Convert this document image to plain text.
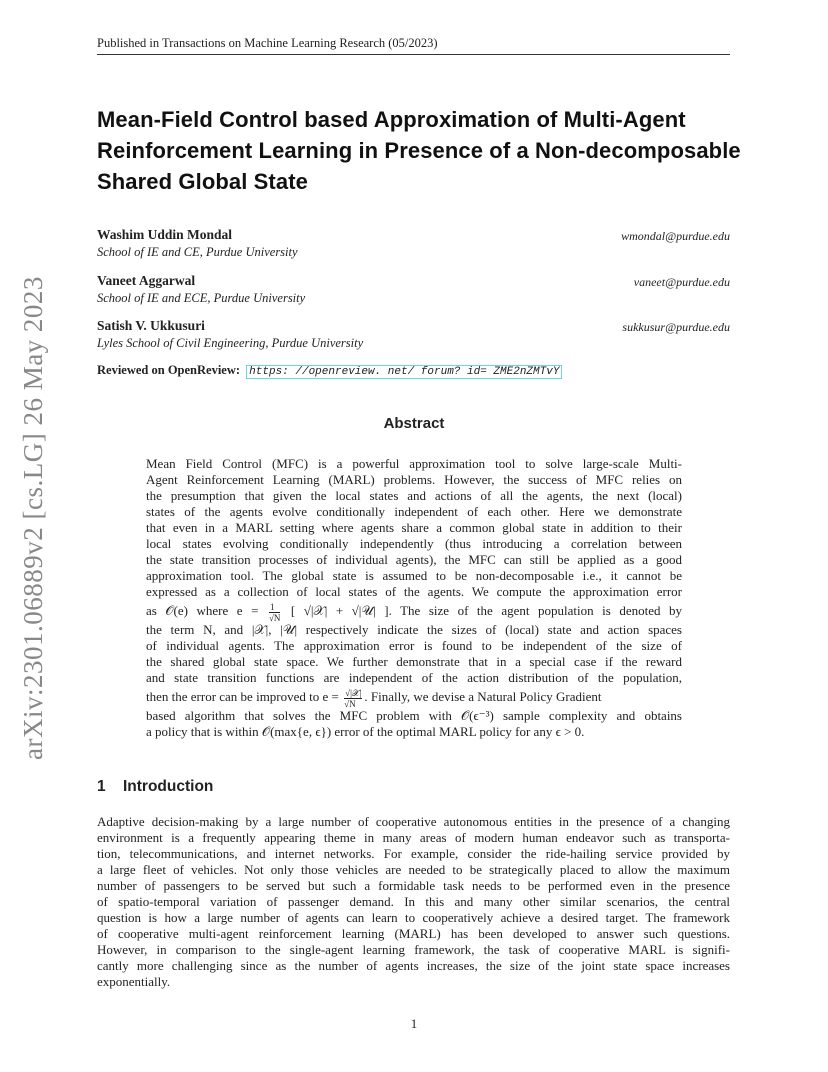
Published in Transactions on Machine Learning Research (05/2023)
Mean-Field Control based Approximation of Multi-Agent
Reinforcement Learning in Presence of a Non-decomposable
Shared Global State
Washim Uddin Mondal
School of IE and CE, Purdue University
wmondal@purdue.edu
Vaneet Aggarwal
School of IE and ECE, Purdue University
vaneet@purdue.edu
Satish V. Ukkusuri
Lyles School of Civil Engineering, Purdue University
sukkusur@purdue.edu
Reviewed on OpenReview: https: //openreview. net/ forum? id= ZME2nZMTvY
Abstract
Mean Field Control (MFC) is a powerful approximation tool to solve large-scale Multi-
Agent Reinforcement Learning (MARL) problems. However, the success of MFC relies on
the presumption that given the local states and actions of all the agents, the next (local)
states of the agents evolve conditionally independent of each other. Here we demonstrate
that even in a MARL setting where agents share a common global state in addition to their
local states evolving conditionally independently (thus introducing a correlation between
the state transition processes of individual agents), the MFC can still be applied as a good
approximation tool. The global state is assumed to be non-decomposable i.e., it cannot be
expressed as a collection of local states of the agents. We compute the approximation error
as 𝒪(e) where $e = \frac{1}{√N}$ [ √|𝒳| + √|𝒰| ]. The size of the agent population is denoted by
the term N, and |𝒳|, |𝒰| respectively indicate the sizes of (local) state and action spaces
of individual agents. The approximation error is found to be independent of the size of
the shared global state space. We further demonstrate that in a special case if the reward
and state transition functions are independent of the action distribution of the population,
then the error can be improved to $e = \frac{\text{√|𝒳|}}{√N}$ . Finally, we devise a Natural Policy Gradient
based algorithm that solves the MFC problem with 𝒪(ϵ⁻³) sample complexity and obtains
a policy that is within 𝒪(max{e, ϵ}) error of the optimal MARL policy for any ϵ > 0.
arXiv:2301.06889v2 [cs.LG] 26 May 2023
1 Introduction
Adaptive decision-making by a large number of cooperative autonomous entities in the presence of a changing
environment is a frequently appearing theme in many areas of modern human endeavor such as transporta-
tion, telecommunications, and internet networks. For example, consider the ride-hailing service provided by
a large fleet of vehicles. Not only those vehicles are needed to be strategically placed to allow the maximum
number of passengers to be served but such a formidable task needs to be performed even in the presence
of spatio-temporal variation of passenger demand. In this and many other similar scenarios, the central
question is how a large number of agents can learn to cooperatively achieve a desired target. The framework
of cooperative multi-agent reinforcement learning (MARL) has been developed to answer such questions.
However, in comparison to the single-agent learning framework, the task of cooperative MARL is signifi-
cantly more challenging since as the number of agents increases, the size of the joint state space increases
exponentially.
1
